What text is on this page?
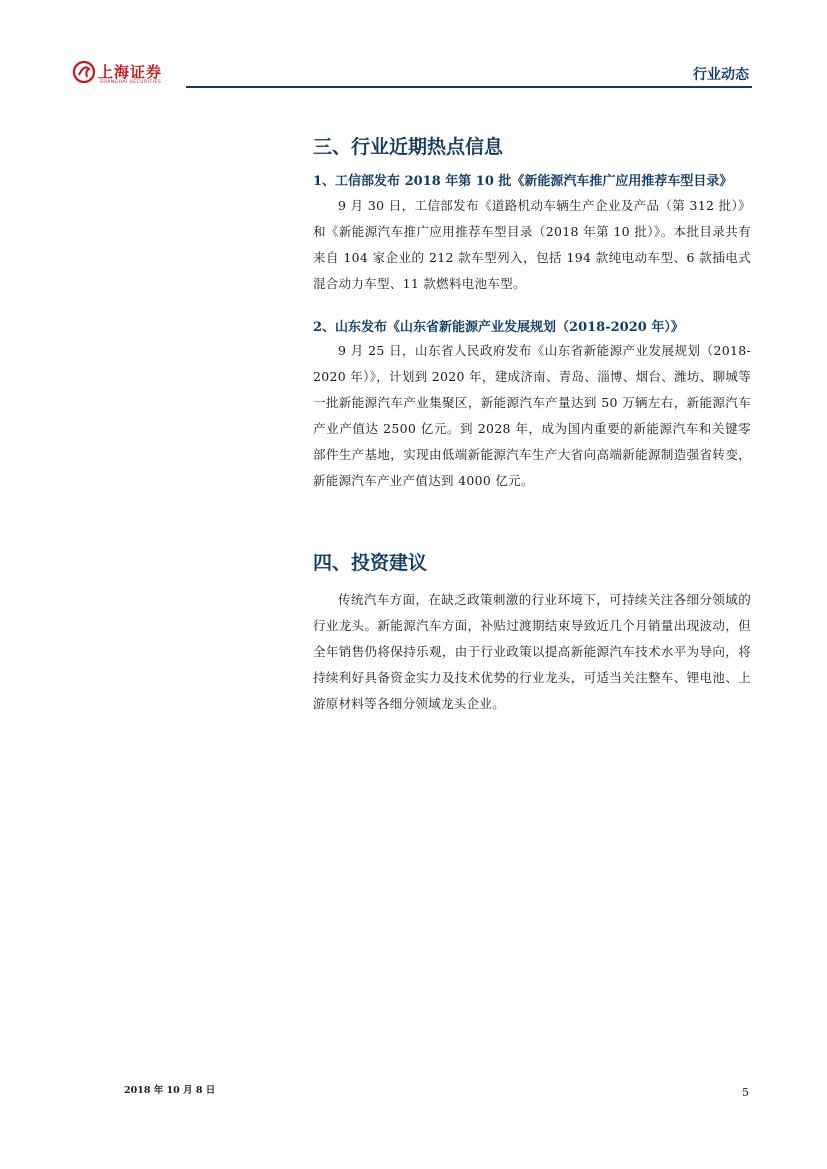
上海证券
SHANGHAI SECURITIES	行业动态
三、行业近期热点信息
1、工信部发布 2018 年第 10 批《新能源汽车推广应用推荐车型目录》

9 月 30 日，工信部发布《道路机动车辆生产企业及产品（第 312 批）》和《新能源汽车推广应用推荐车型目录（2018 年第 10 批）》。本批目录共有来自 104 家企业的 212 款车型列入，包括 194 款纯电动车型、6 款插电式混合动力车型、11 款燃料电池车型。

2、山东发布《山东省新能源产业发展规划（2018-2020 年）》

9 月 25 日，山东省人民政府发布《山东省新能源产业发展规划（2018-2020 年）》，计划到 2020 年，建成济南、青岛、淄博、烟台、潍坊、聊城等一批新能源汽车产业集聚区，新能源汽车产量达到 50 万辆左右，新能源汽车产业产值达 2500 亿元。到 2028 年，成为国内重要的新能源汽车和关键零部件生产基地，实现由低端新能源汽车生产大省向高端新能源制造强省转变，新能源汽车产业产值达到 4000 亿元。

四、投资建议

传统汽车方面，在缺乏政策刺激的行业环境下，可持续关注各细分领域的行业龙头。新能源汽车方面，补贴过渡期结束导致近几个月销量出现波动，但全年销售仍将保持乐观，由于行业政策以提高新能源汽车技术水平为导向，将持续利好具备资金实力及技术优势的行业龙头，可适当关注整车、锂电池、上游原材料等各细分领域龙头企业。

2018 年 10 月 8 日	5
